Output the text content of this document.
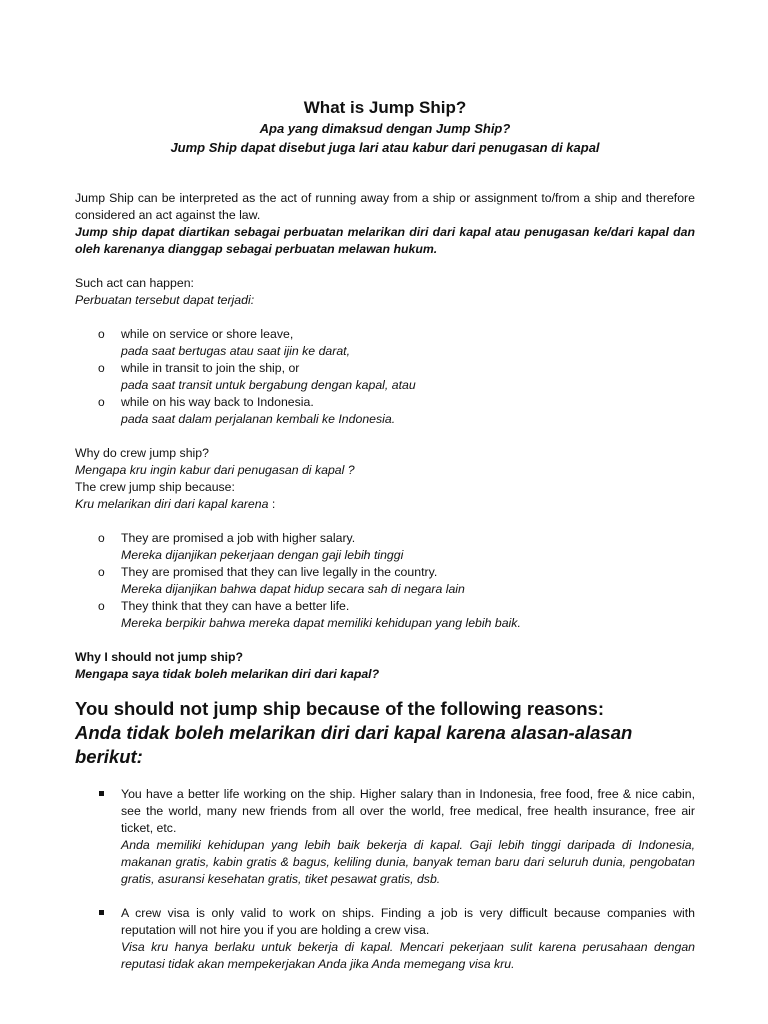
What is Jump Ship?

Apa yang dimaksud dengan Jump Ship?

Jump Ship dapat disebut juga lari atau kabur dari penugasan di kapal

Jump Ship can be interpreted as the act of running away from a ship or assignment to/from a ship and therefore considered an act against the law.

Jump ship dapat diartikan sebagai perbuatan melarikan diri dari kapal atau penugasan ke/dari kapal dan oleh karenanya dianggap sebagai perbuatan melawan hukum.

Such act can happen:

Perbuatan tersebut dapat terjadi:

o while on service or shore leave,

pada saat bertugas atau saat ijin ke darat,

o while in transit to join the ship, or

pada saat transit untuk bergabung dengan kapal, atau

o while on his way back to Indonesia.

pada saat dalam perjalanan kembali ke Indonesia.

Why do crew jump ship?

Mengapa kru ingin kabur dari penugasan di kapal ?

The crew jump ship because:

Kru melarikan diri dari kapal karena :

o They are promised a job with higher salary.

Mereka dijanjikan pekerjaan dengan gaji lebih tinggi

o They are promised that they can live legally in the country.

Mereka dijanjikan bahwa dapat hidup secara sah di negara lain

o They think that they can have a better life.

Mereka berpikir bahwa mereka dapat memiliki kehidupan yang lebih baik.

Why I should not jump ship?

Mengapa saya tidak boleh melarikan diri dari kapal?

You should not jump ship because of the following reasons:

Anda tidak boleh melarikan diri dari kapal karena alasan-alasan berikut:

You have a better life working on the ship. Higher salary than in Indonesia, free food, free & nice cabin, see the world, many new friends from all over the world, free medical, free health insurance, free air ticket, etc.

Anda memiliki kehidupan yang lebih baik bekerja di kapal. Gaji lebih tinggi daripada di Indonesia, makanan gratis, kabin gratis & bagus, keliling dunia, banyak teman baru dari seluruh dunia, pengobatan gratis, asuransi kesehatan gratis, tiket pesawat gratis, dsb.

A crew visa is only valid to work on ships. Finding a job is very difficult because companies with reputation will not hire you if you are holding a crew visa.

Visa kru hanya berlaku untuk bekerja di kapal. Mencari pekerjaan sulit karena perusahaan dengan reputasi tidak akan mempekerjakan Anda jika Anda memegang visa kru.
